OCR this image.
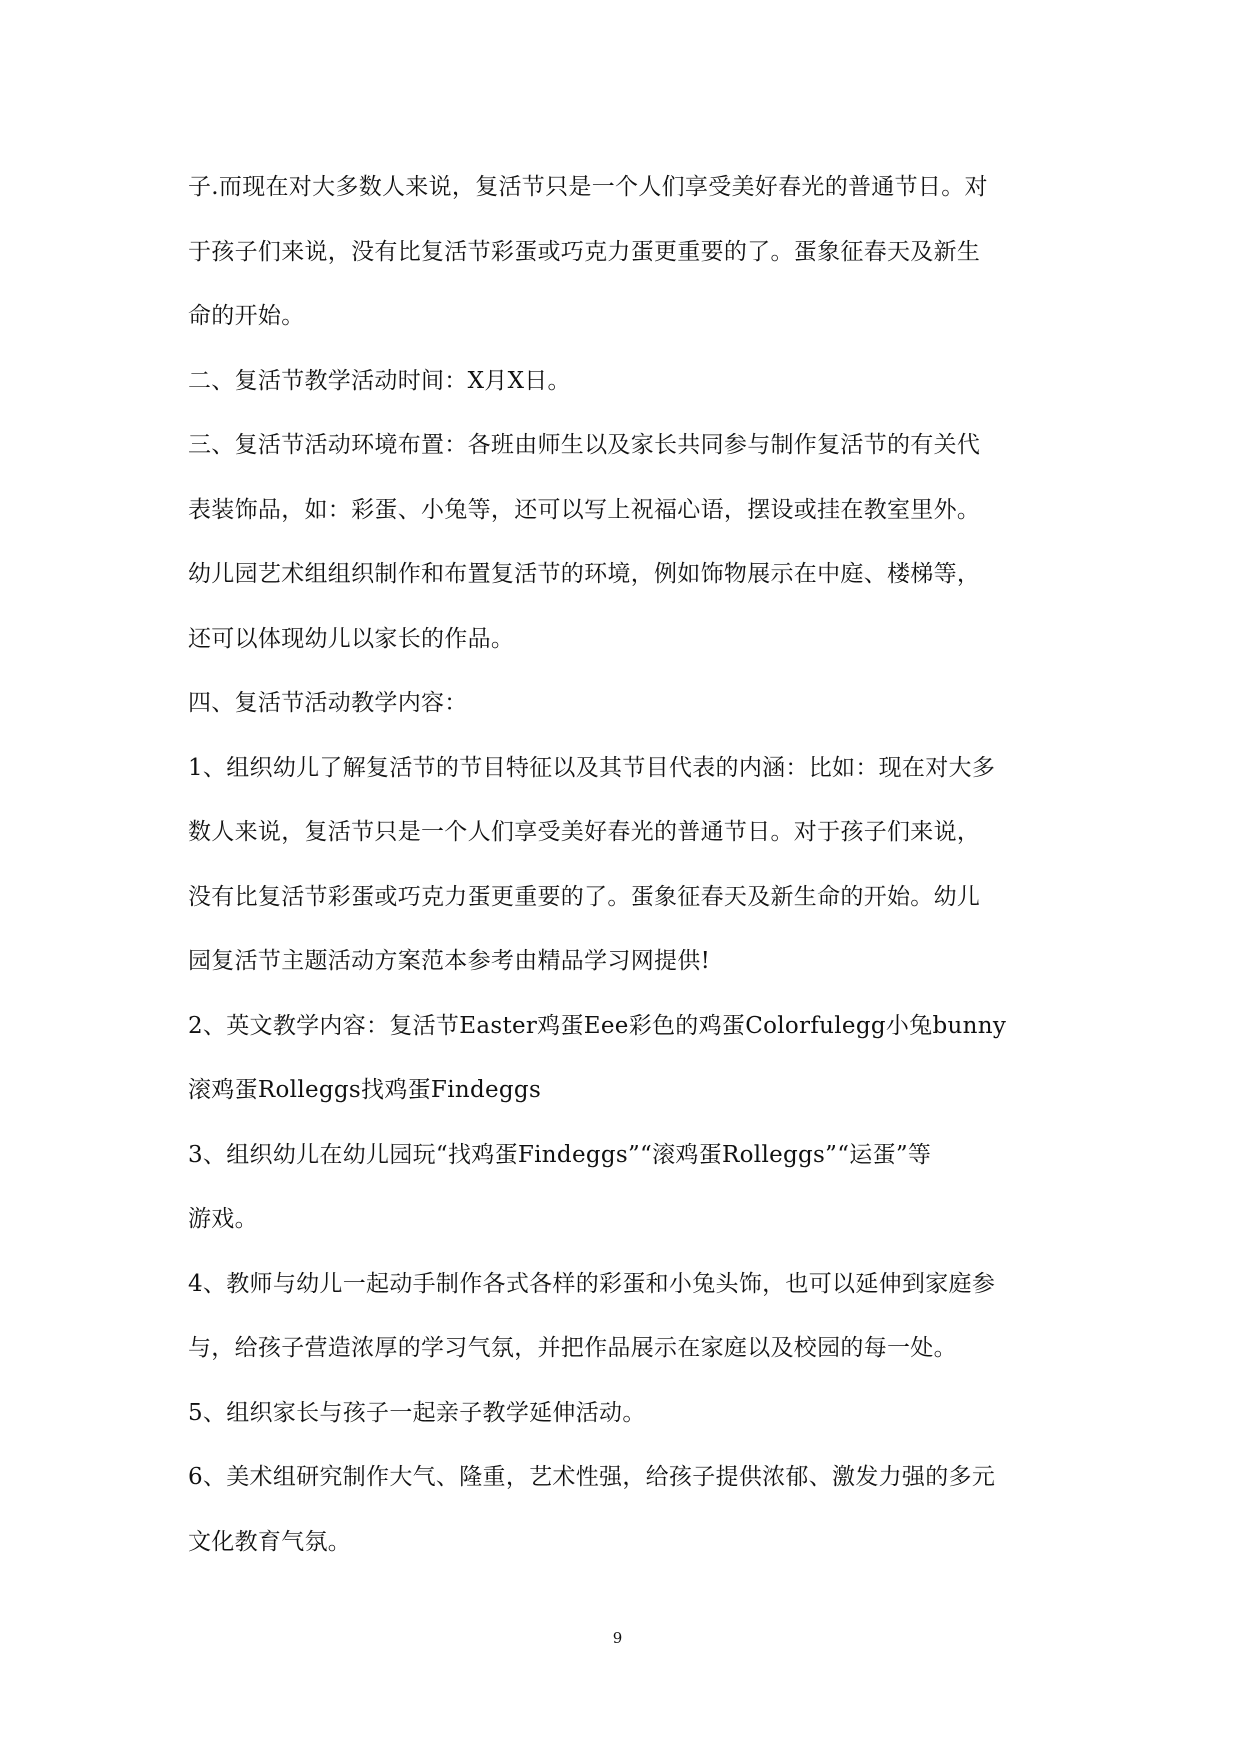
子.而现在对大多数人来说，复活节只是一个人们享受美好春光的普通节日。对
于孩子们来说，没有比复活节彩蛋或巧克力蛋更重要的了。蛋象征春天及新生
命的开始。
二、复活节教学活动时间：X月X日。
三、复活节活动环境布置：各班由师生以及家长共同参与制作复活节的有关代
表装饰品，如：彩蛋、小兔等，还可以写上祝福心语，摆设或挂在教室里外。
幼儿园艺术组组织制作和布置复活节的环境，例如饰物展示在中庭、楼梯等，
还可以体现幼儿以家长的作品。
四、复活节活动教学内容：
1、组织幼儿了解复活节的节目特征以及其节目代表的内涵：比如：现在对大多
数人来说，复活节只是一个人们享受美好春光的普通节日。对于孩子们来说，
没有比复活节彩蛋或巧克力蛋更重要的了。蛋象征春天及新生命的开始。幼儿
园复活节主题活动方案范本参考由精品学习网提供!
2、英文教学内容：复活节Easter鸡蛋Eee彩色的鸡蛋Colorfulegg小兔bunny
滚鸡蛋Rolleggs找鸡蛋Findeggs
3、组织幼儿在幼儿园玩“找鸡蛋Findeggs”“滚鸡蛋Rolleggs”“运蛋”等
游戏。
4、教师与幼儿一起动手制作各式各样的彩蛋和小兔头饰，也可以延伸到家庭参
与，给孩子营造浓厚的学习气氛，并把作品展示在家庭以及校园的每一处。
5、组织家长与孩子一起亲子教学延伸活动。
6、美术组研究制作大气、隆重，艺术性强，给孩子提供浓郁、激发力强的多元
文化教育气氛。
9
